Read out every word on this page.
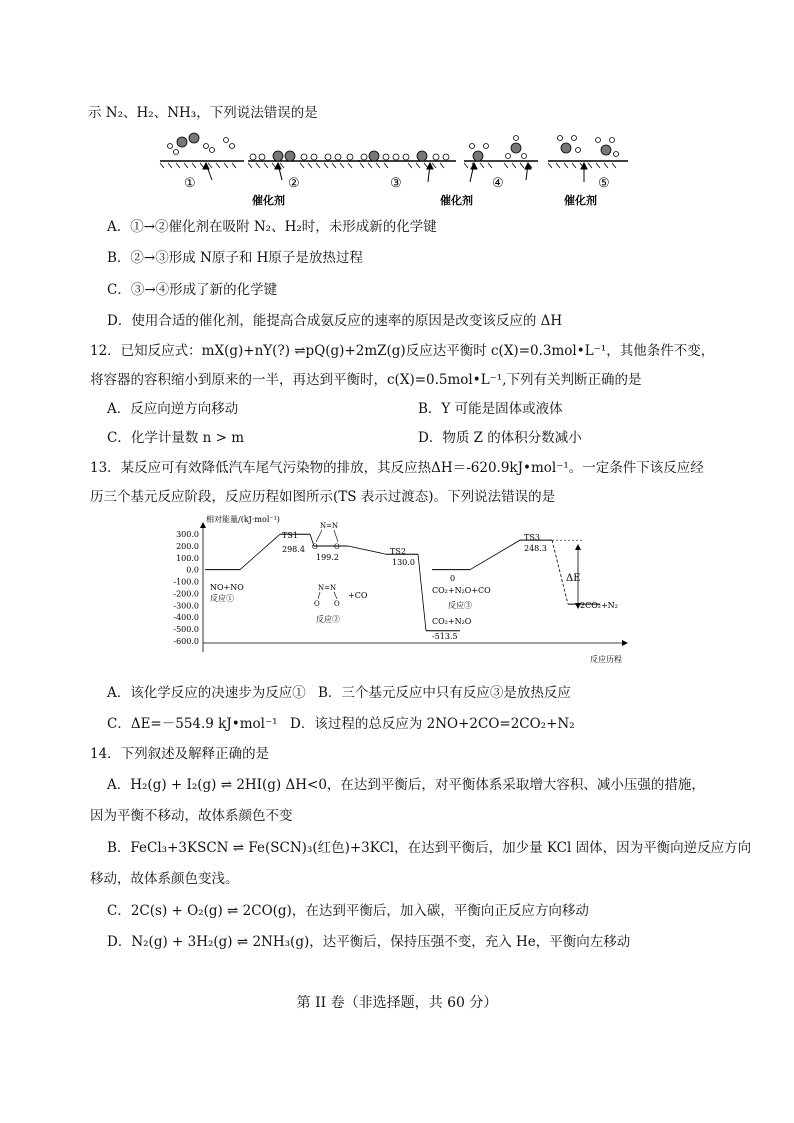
示 N₂、H₂、NH₃，下列说法错误的是
①	②	③	④	⑤
催化剂	催化剂	催化剂
A．①→②催化剂在吸附 N₂、H₂时，未形成新的化学键
B．②→③形成 N原子和 H原子是放热过程
C．③→④形成了新的化学键
D．使用合适的催化剂，能提高合成氨反应的速率的原因是改变该反应的 ΔH
12．已知反应式：mX(g)+nY(?) ⇌pQ(g)+2mZ(g)反应达平衡时 c(X)=0.3mol•L⁻¹，其他条件不变，
将容器的容积缩小到原来的一半，再达到平衡时，c(X)=0.5mol•L⁻¹,下列有关判断正确的是
A．反应向逆方向移动	B．Y 可能是固体或液体
C．化学计量数 n > m	D．物质 Z 的体积分数减小
13．某反应可有效降低汽车尾气污染物的排放，其反应热ΔH＝-620.9kJ•mol⁻¹。一定条件下该反应经
历三个基元反应阶段，反应历程如图所示(TS 表示过渡态)。下列说法错误的是
相对能量/(kJ·mol⁻¹)
反应历程
300.0
200.0
100.0
0.0
-100.0
-200.0
-300.0
-400.0
-500.0
-600.0
TS1
298.4
199.2
TS2
130.0
TS3
248.3
NO+NO
反应①	+CO
反应②
0
CO₂+N₂O+CO
反应③
CO₂+N₂O
-513.5
2CO₂+N₂
ΔE
N=N
O O
N=N
O O
A．该化学反应的决速步为反应① B．三个基元反应中只有反应③是放热反应
C．ΔE=－554.9 kJ•mol⁻¹ D．该过程的总反应为 2NO+2CO=2CO₂+N₂
14．下列叙述及解释正确的是
A．H₂(g) + I₂(g) ⇌ 2HI(g) ΔH<0，在达到平衡后，对平衡体系采取增大容积、减小压强的措施，
因为平衡不移动，故体系颜色不变
B．FeCl₃+3KSCN ⇌ Fe(SCN)₃(红色)+3KCl，在达到平衡后，加少量 KCl 固体，因为平衡向逆反应方向
移动，故体系颜色变浅。
C．2C(s) + O₂(g) ⇌ 2CO(g)，在达到平衡后，加入碳，平衡向正反应方向移动
D．N₂(g) + 3H₂(g) ⇌ 2NH₃(g)，达平衡后，保持压强不变，充入 He，平衡向左移动
第 II 卷（非选择题，共 60 分）
